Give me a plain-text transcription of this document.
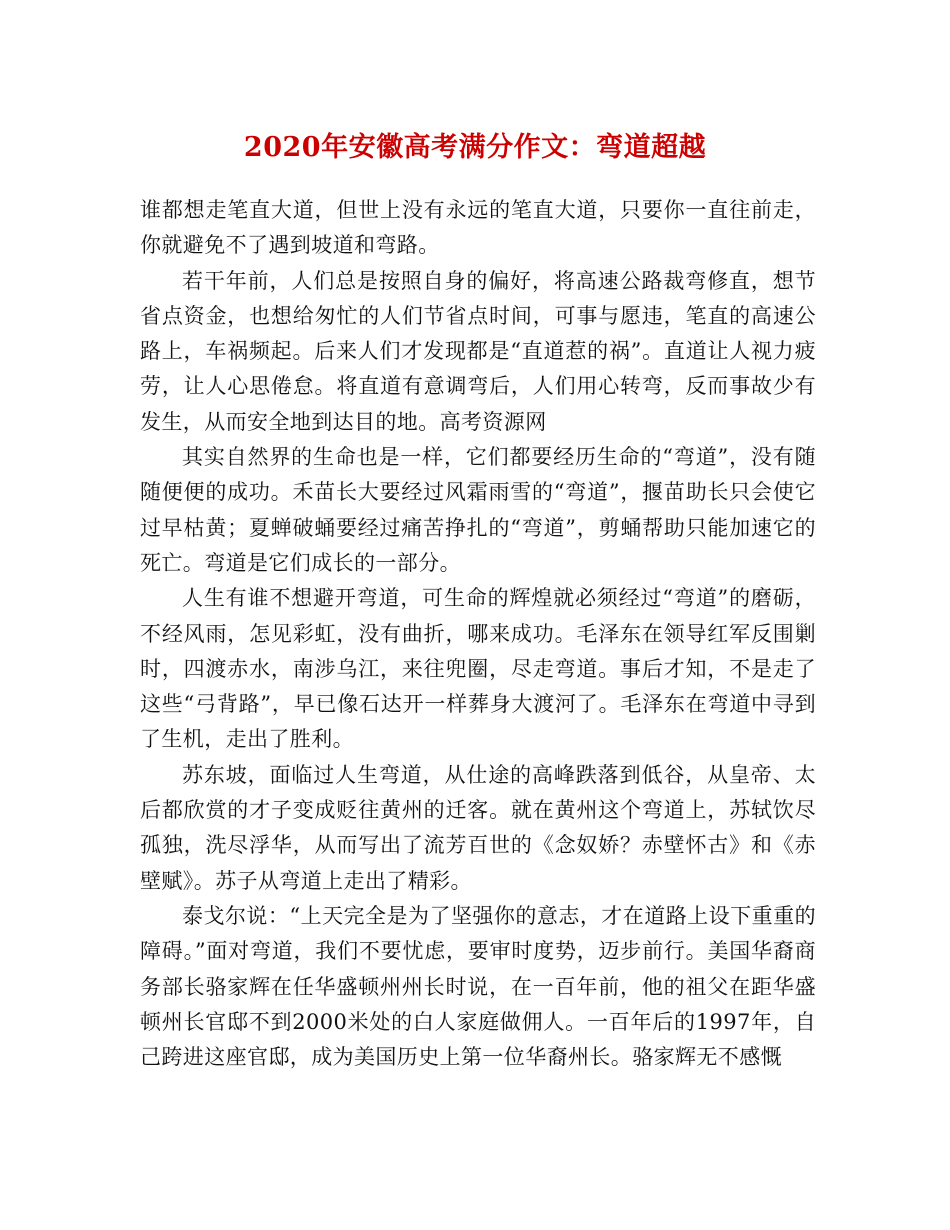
2020年安徽高考满分作文：弯道超越

谁都想走笔直大道，但世上没有永远的笔直大道，只要你一直往前走，你就避免不了遇到坡道和弯路。

若干年前，人们总是按照自身的偏好，将高速公路裁弯修直，想节省点资金，也想给匆忙的人们节省点时间，可事与愿违，笔直的高速公路上，车祸频起。后来人们才发现都是“直道惹的祸”。直道让人视力疲劳，让人心思倦怠。将直道有意调弯后，人们用心转弯，反而事故少有发生，从而安全地到达目的地。高考资源网

其实自然界的生命也是一样，它们都要经历生命的“弯道”，没有随随便便的成功。禾苗长大要经过风霜雨雪的“弯道”，揠苗助长只会使它过早枯黄；夏蝉破蛹要经过痛苦挣扎的“弯道”，剪蛹帮助只能加速它的死亡。弯道是它们成长的一部分。

人生有谁不想避开弯道，可生命的辉煌就必须经过“弯道”的磨砺，不经风雨，怎见彩虹，没有曲折，哪来成功。毛泽东在领导红军反围剿时，四渡赤水，南涉乌江，来往兜圈，尽走弯道。事后才知，不是走了这些“弓背路”，早已像石达开一样葬身大渡河了。毛泽东在弯道中寻到了生机，走出了胜利。

苏东坡，面临过人生弯道，从仕途的高峰跌落到低谷，从皇帝、太后都欣赏的才子变成贬往黄州的迁客。就在黄州这个弯道上，苏轼饮尽孤独，洗尽浮华，从而写出了流芳百世的《念奴娇？赤壁怀古》和《赤壁赋》。苏子从弯道上走出了精彩。

泰戈尔说：“上天完全是为了坚强你的意志，才在道路上设下重重的障碍。”面对弯道，我们不要忧虑，要审时度势，迈步前行。美国华裔商务部长骆家辉在任华盛顿州州长时说，在一百年前，他的祖父在距华盛顿州长官邸不到2000米处的白人家庭做佣人。一百年后的1997年，自己跨进这座官邸，成为美国历史上第一位华裔州长。骆家辉无不感慨
